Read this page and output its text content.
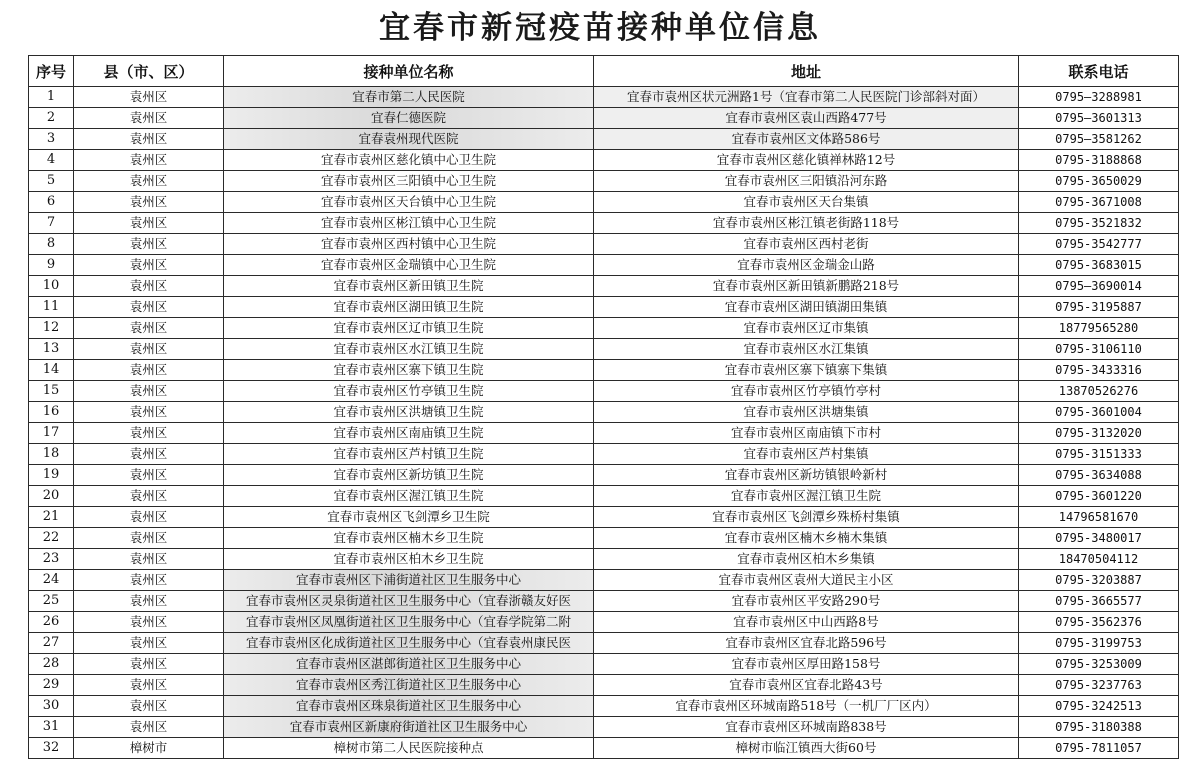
宜春市新冠疫苗接种单位信息
序号	县（市、区）	接种单位名称	地址	联系电话
1	袁州区	宜春市第二人民医院	宜春市袁州区状元洲路1号（宜春市第二人民医院门诊部斜对面）	0795—3288981
2	袁州区	宜春仁德医院	宜春市袁州区袁山西路477号	0795—3601313
3	袁州区	宜春袁州现代医院	宜春市袁州区文体路586号	0795—3581262
4	袁州区	宜春市袁州区慈化镇中心卫生院	宜春市袁州区慈化镇禅林路12号	0795-3188868
5	袁州区	宜春市袁州区三阳镇中心卫生院	宜春市袁州区三阳镇沿河东路	0795-3650029
6	袁州区	宜春市袁州区天台镇中心卫生院	宜春市袁州区天台集镇	0795-3671008
7	袁州区	宜春市袁州区彬江镇中心卫生院	宜春市袁州区彬江镇老街路118号	0795-3521832
8	袁州区	宜春市袁州区西村镇中心卫生院	宜春市袁州区西村老街	0795-3542777
9	袁州区	宜春市袁州区金瑞镇中心卫生院	宜春市袁州区金瑞金山路	0795-3683015
10	袁州区	宜春市袁州区新田镇卫生院	宜春市袁州区新田镇新鹏路218号	0795—3690014
11	袁州区	宜春市袁州区湖田镇卫生院	宜春市袁州区湖田镇湖田集镇	0795-3195887
12	袁州区	宜春市袁州区辽市镇卫生院	宜春市袁州区辽市集镇	18779565280
13	袁州区	宜春市袁州区水江镇卫生院	宜春市袁州区水江集镇	0795-3106110
14	袁州区	宜春市袁州区寨下镇卫生院	宜春市袁州区寨下镇寨下集镇	0795-3433316
15	袁州区	宜春市袁州区竹亭镇卫生院	宜春市袁州区竹亭镇竹亭村	13870526276
16	袁州区	宜春市袁州区洪塘镇卫生院	宜春市袁州区洪塘集镇	0795-3601004
17	袁州区	宜春市袁州区南庙镇卫生院	宜春市袁州区南庙镇下市村	0795-3132020
18	袁州区	宜春市袁州区芦村镇卫生院	宜春市袁州区芦村集镇	0795-3151333
19	袁州区	宜春市袁州区新坊镇卫生院	宜春市袁州区新坊镇银岭新村	0795-3634088
20	袁州区	宜春市袁州区渥江镇卫生院	宜春市袁州区渥江镇卫生院	0795-3601220
21	袁州区	宜春市袁州区飞剑潭乡卫生院	宜春市袁州区飞剑潭乡殊桥村集镇	14796581670
22	袁州区	宜春市袁州区楠木乡卫生院	宜春市袁州区楠木乡楠木集镇	0795-3480017
23	袁州区	宜春市袁州区柏木乡卫生院	宜春市袁州区柏木乡集镇	18470504112
24	袁州区	宜春市袁州区下浦街道社区卫生服务中心	宜春市袁州区袁州大道民主小区	0795-3203887
25	袁州区	宜春市袁州区灵泉街道社区卫生服务中心（宜春浙赣友好医	宜春市袁州区平安路290号	0795-3665577
26	袁州区	宜春市袁州区凤凰街道社区卫生服务中心（宜春学院第二附	宜春市袁州区中山西路8号	0795-3562376
27	袁州区	宜春市袁州区化成街道社区卫生服务中心（宜春袁州康民医	宜春市袁州区宜春北路596号	0795-3199753
28	袁州区	宜春市袁州区湛郎街道社区卫生服务中心	宜春市袁州区厚田路158号	0795-3253009
29	袁州区	宜春市袁州区秀江街道社区卫生服务中心	宜春市袁州区宜春北路43号	0795-3237763
30	袁州区	宜春市袁州区珠泉街道社区卫生服务中心	宜春市袁州区环城南路518号（一机厂厂区内）	0795-3242513
31	袁州区	宜春市袁州区新康府街道社区卫生服务中心	宜春市袁州区环城南路838号	0795-3180388
32	樟树市	樟树市第二人民医院接种点	樟树市临江镇西大街60号	0795-7811057
